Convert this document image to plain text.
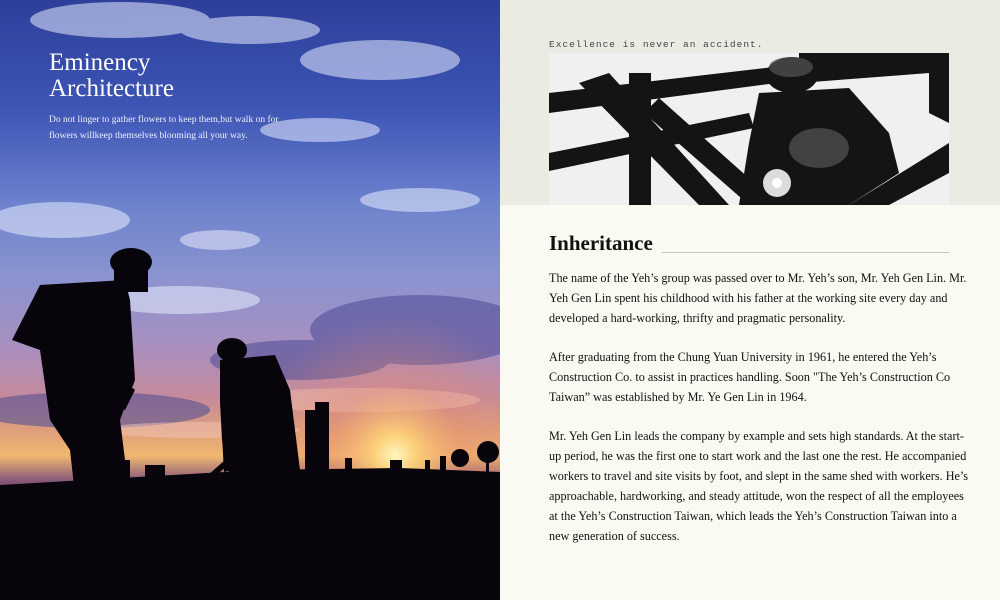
Eminency
Architecture

Do not linger to gather flowers to keep them,but walk on for flowers willkeep themselves blooming all your way.

Excellence is never an accident.

Inheritance

The name of the Yeh’s group was passed over to Mr. Yeh’s son, Mr. Yeh Gen Lin. Mr. Yeh Gen Lin spent his childhood with his father at the working site every day and developed a hard-working, thrifty and pragmatic personality.

After graduating from the Chung Yuan University in 1961, he entered the Yeh’s Construction Co. to assist in practices handling. Soon "The Yeh’s Construction Co Taiwan” was established by Mr. Ye Gen Lin in 1964.

Mr. Yeh Gen Lin leads the company by example and sets high standards. At the start-up period, he was the first one to start work and the last one the rest. He accompanied workers to travel and site visits by foot, and slept in the same shed with workers. He’s approachable, hardworking, and steady attitude, won the respect of all the employees at the Yeh’s Construction Taiwan, which leads the Yeh’s Construction Taiwan into a new generation of success.
